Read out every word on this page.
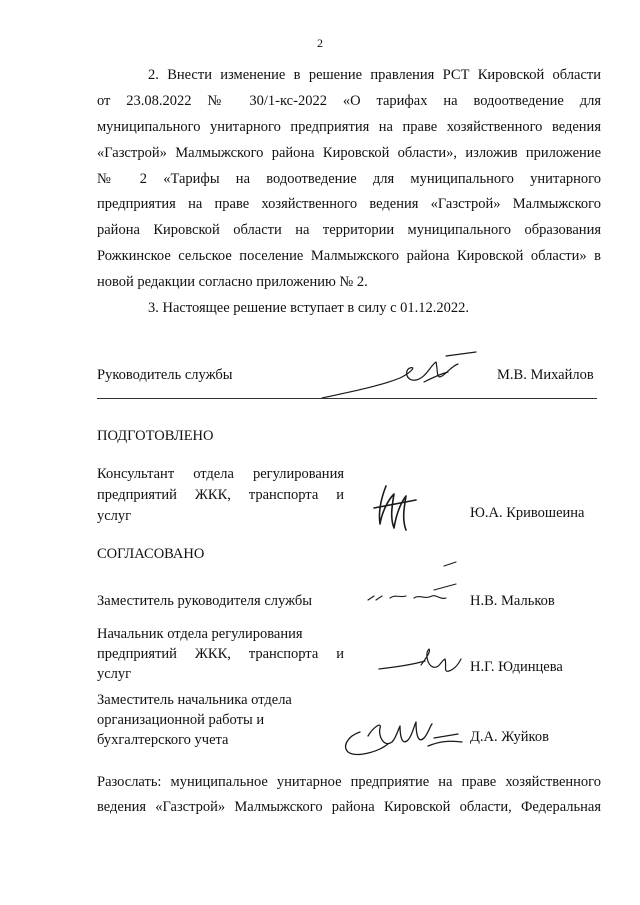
2
2. Внести изменение в решение правления РСТ Кировской области
от 23.08.2022 № 30/1-кс-2022 «О тарифах на водоотведение для
муниципального унитарного предприятия на праве хозяйственного ведения
«Газстрой» Малмыжского района Кировской области», изложив приложение
№ 2 «Тарифы на водоотведение для муниципального унитарного
предприятия на праве хозяйственного ведения «Газстрой» Малмыжского
района Кировской области на территории муниципального образования
Рожкинское сельское поселение Малмыжского района Кировской области» в
новой редакции согласно приложению № 2.
3. Настоящее решение вступает в силу с 01.12.2022.
Руководитель службы	М.В. Михайлов
ПОДГОТОВЛЕНО
Консультант отдела регулирования
предприятий ЖКК, транспорта и
услуг	Ю.А. Кривошеина
СОГЛАСОВАНО
Заместитель руководителя службы	Н.В. Мальков
Начальник отдела регулирования
предприятий ЖКК, транспорта и
услуг	Н.Г. Юдинцева
Заместитель начальника отдела
организационной работы и
бухгалтерского учета	Д.А. Жуйков
Разослать: муниципальное унитарное предприятие на праве хозяйственного
ведения «Газстрой» Малмыжского района Кировской области, Федеральная
